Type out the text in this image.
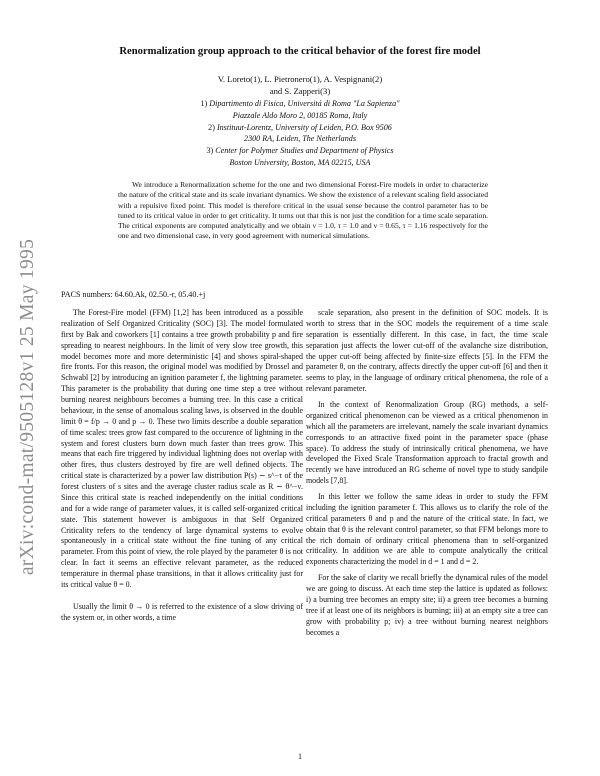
arXiv:cond-mat/9505128v1 25 May 1995
Renormalization group approach to the critical behavior of the forest fire model
V. Loreto(1), L. Pietronero(1), A. Vespignani(2)
and S. Zapperi(3)
1) Dipartimento di Fisica, Universitá di Roma "La Sapienza"
Piazzale Aldo Moro 2, 00185 Roma, Italy
2) Instituut-Lorentz, University of Leiden, P.O. Box 9506
2300 RA, Leiden, The Netherlands
3) Center for Polymer Studies and Department of Physics
Boston University, Boston, MA 02215, USA

We introduce a Renormalization scheme for the one and two dimensional Forest-Fire models in order to characterize the nature of the critical state and its scale invariant dynamics. We show the existence of a relevant scaling field associated with a repulsive fixed point. This model is therefore critical in the usual sense because the control parameter has to be tuned to its critical value in order to get criticality. It turns out that this is not just the condition for a time scale separation. The critical exponents are computed analytically and we obtain ν = 1.0, τ = 1.0 and ν = 0.65, τ = 1.16 respectively for the one and two dimensional case, in very good agreement with numerical simulations.

PACS numbers: 64.60.Ak, 02.50.-r, 05.40.+j

The Forest-Fire model (FFM) [1,2] has been introduced as a possible realization of Self Organized Criticality (SOC) [3]. The model formulated first by Bak and coworkers [1] contains a tree growth probability p and fire spreading to nearest neighbours. In the limit of very slow tree growth, this model becomes more and more deterministic [4] and shows spiral-shaped fire fronts. For this reason, the original model was modified by Drossel and Schwabl [2] by introducing an ignition parameter f, the lightning parameter. This parameter is the probability that during one time step a tree without burning nearest neighbours becomes a burning tree. In this case a critical behaviour, in the sense of anomalous scaling laws, is observed in the double limit θ = f/p → 0 and p → 0. These two limits describe a double separation of time scales: trees grow fast compared to the occurence of lightning in the system and forest clusters burn down much faster than trees grow. This means that each fire triggered by individual lightning does not overlap with other fires, thus clusters destroyed by fire are well defined objects. The critical state is characterized by a power law distribution P(s) ∼ s^−τ of the forest clusters of s sites and the average cluster radius scale as R ∼ θ^−ν. Since this critical state is reached independently on the initial conditions and for a wide range of parameter values, it is called self-organized critical state. This statement however is ambiguous in that Self Organized Criticality refers to the tendency of large dynamical systems to evolve spontaneously in a critical state without the fine tuning of any critical parameter. From this point of view, the role played by the parameter θ is not clear. In fact it seems an effective relevant parameter, as the reduced temperature in thermal phase transitions, in that it allows criticality just for its critical value θ = 0.

Usually the limit θ → 0 is referred to the existence of a slow driving of the system or, in other words, a time

scale separation, also present in the definition of SOC models. It is worth to stress that in the SOC models the requirement of a time scale separation is essentially different. In this case, in fact, the time scale separation just affects the lower cut-off of the avalanche size distribution, the upper cut-off being affected by finite-size effects [5]. In the FFM the parameter θ, on the contrary, affects directly the upper cut-off [6] and then it seems to play, in the language of ordinary critical phenomena, the role of a relevant parameter.

In the context of Renormalization Group (RG) methods, a self-organized critical phenomenon can be viewed as a critical phenomenon in which all the parameters are irrelevant, namely the scale invariant dynamics corresponds to an attractive fixed point in the parameter space (phase space). To address the study of intrinsically critical phenomena, we have developed the Fixed Scale Transformation approach to fractal growth and recently we have introduced an RG scheme of novel type to study sandpile models [7,8].

In this letter we follow the same ideas in order to study the FFM including the ignition parameter f. This allows us to clarify the role of the critical parameters θ and p and the nature of the critical state. In fact, we obtain that θ is the relevant control parameter, so that FFM belongs more to the rich domain of ordinary critical phenomena than to self-organized criticality. In addition we are able to compute analytically the critical exponents characterizing the model in d = 1 and d = 2.

For the sake of clarity we recall briefly the dynamical rules of the model we are going to discuss. At each time step the lattice is updated as follows: i) a burning tree becomes an empty site; ii) a green tree becomes a burning tree if at least one of its neighbors is burning; iii) at an empty site a tree can grow with probability p; iv) a tree without burning nearest neighbors becomes a

1
